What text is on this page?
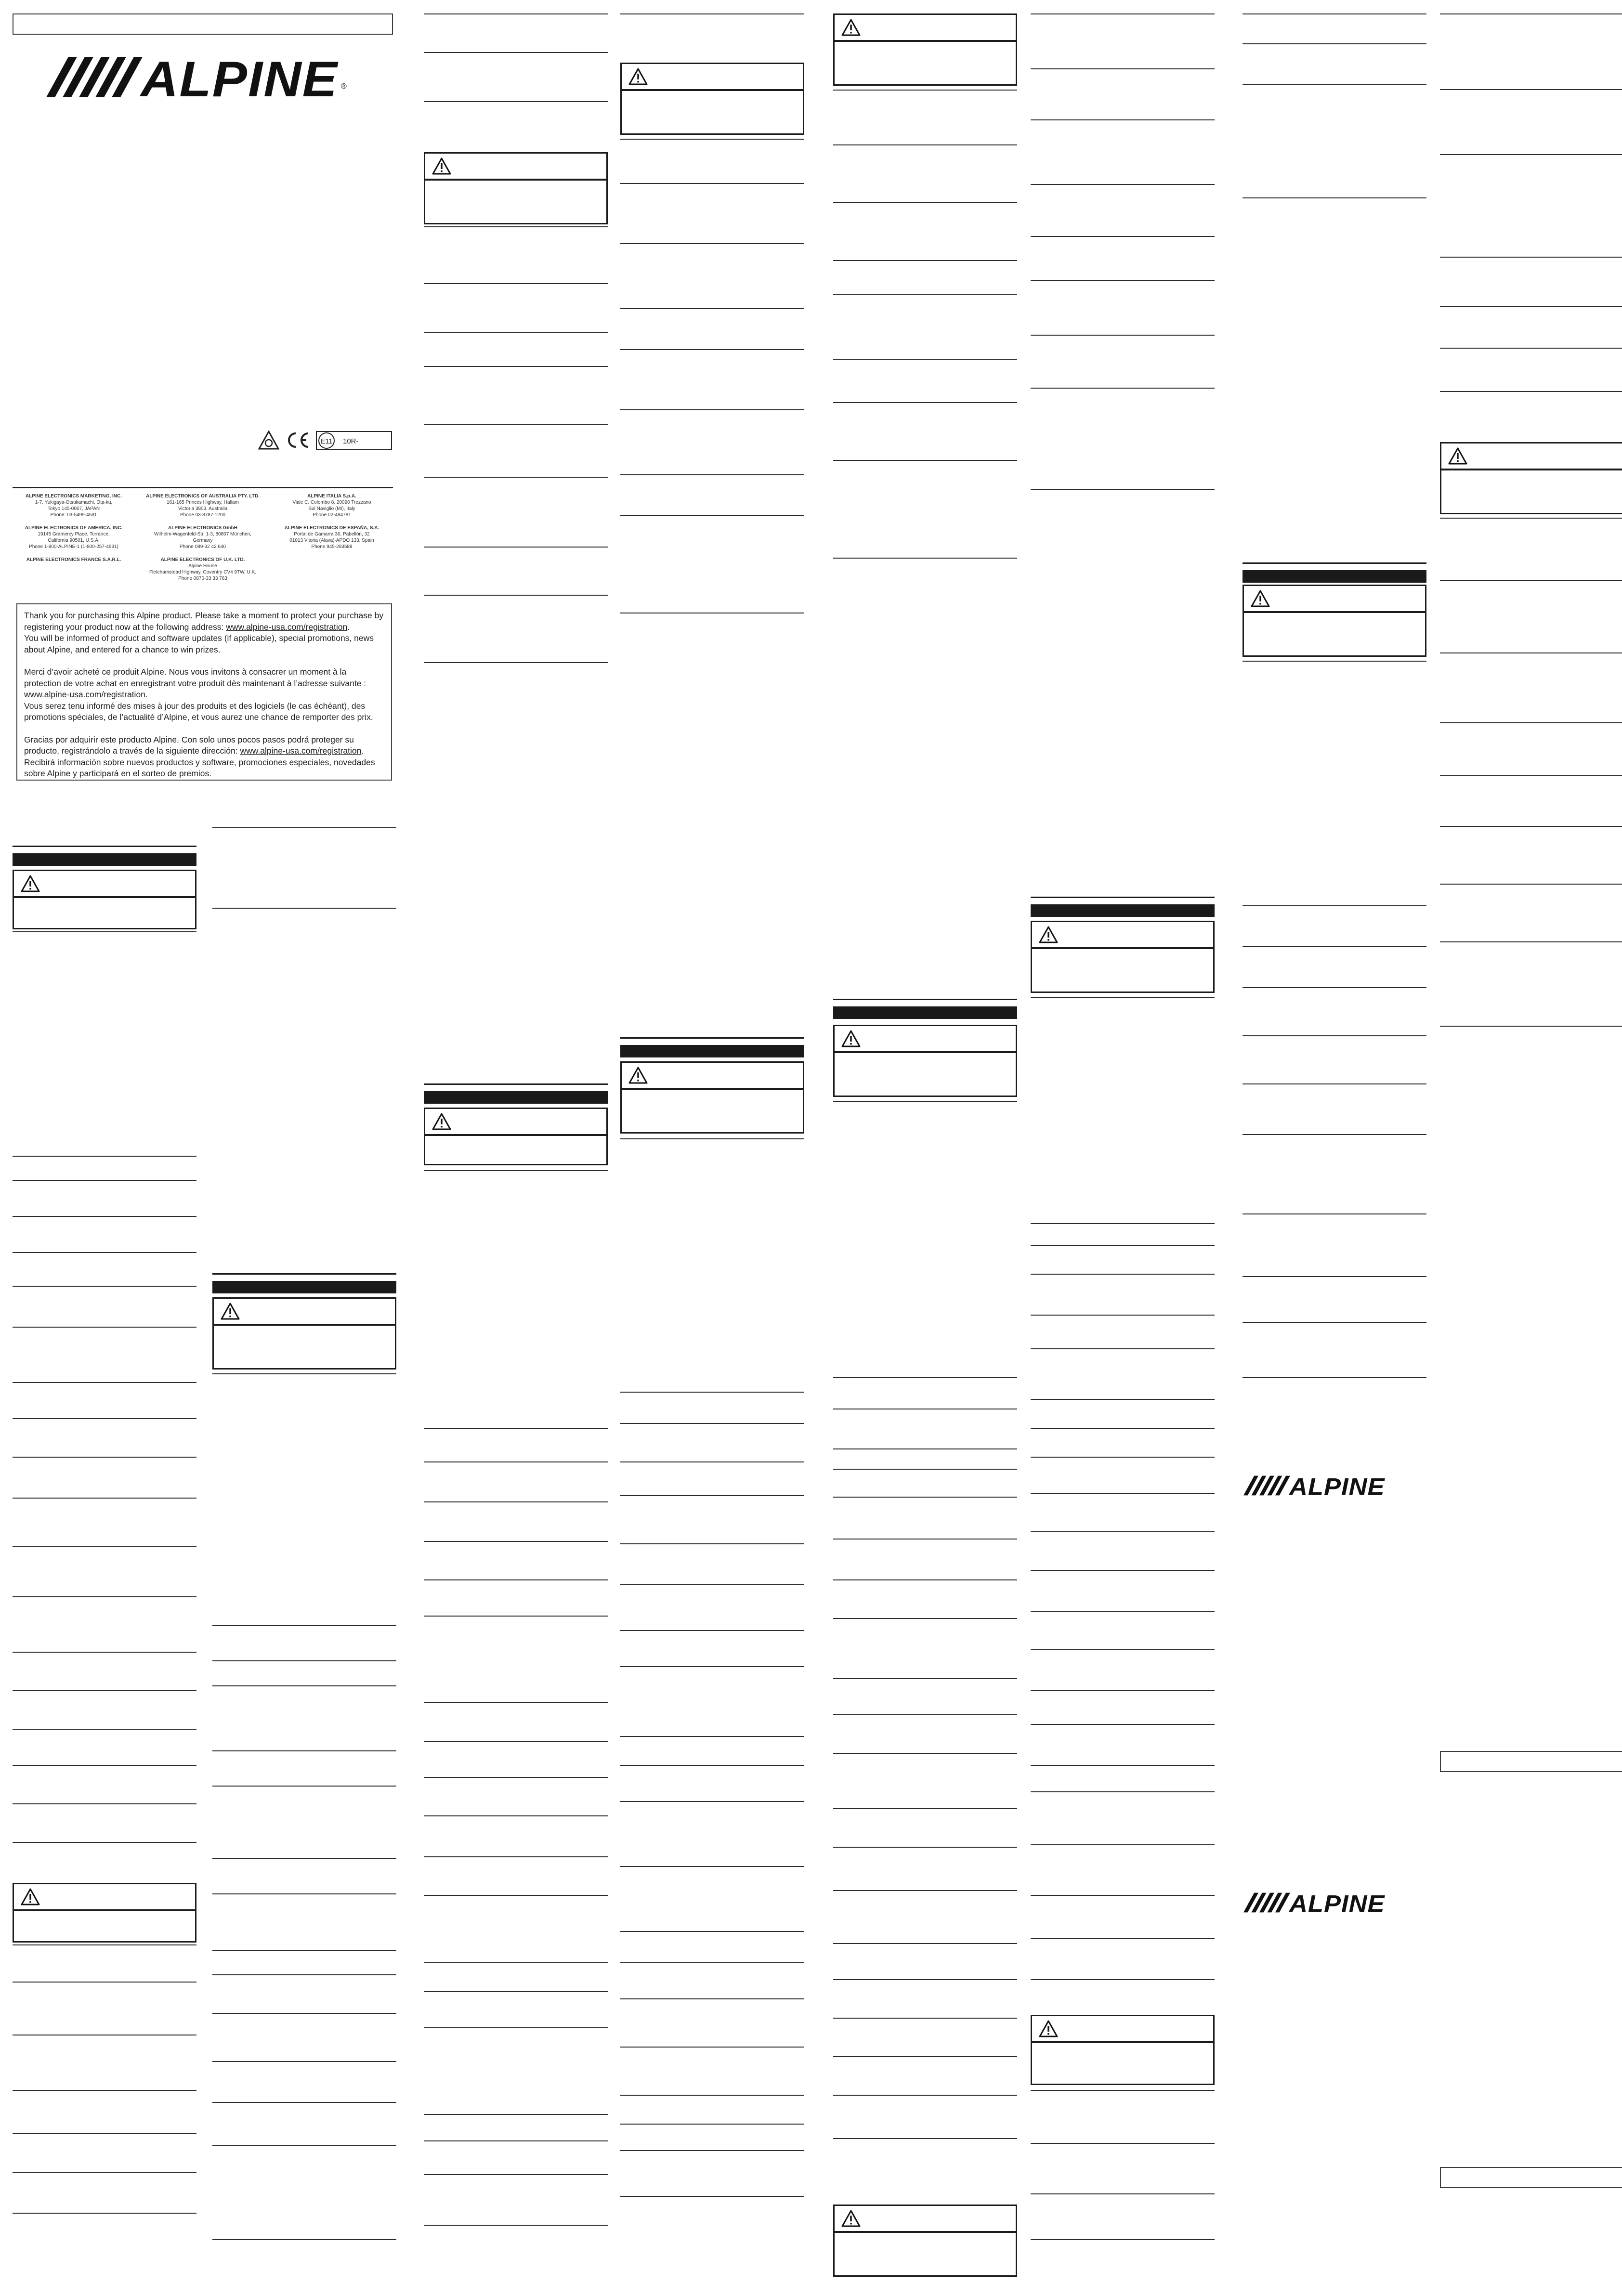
ALPINE ®
E11 10R-
ALPINE ELECTRONICS MARKETING, INC.
1-7, Yukigaya-Otsukamachi, Ota-ku,
Tokyo 145-0067, JAPAN
Phone: 03-5499-4531
ALPINE ELECTRONICS OF AUSTRALIA PTY. LTD.
161-165 Princes Highway, Hallam
Victoria 3803, Australia
Phone 03-8787-1200
ALPINE ITALIA S.p.A.
Viale C. Colombo 8, 20090 Trezzano
Sul Naviglio (MI), Italy
Phone 02-484781
ALPINE ELECTRONICS OF AMERICA, INC.
19145 Gramercy Place, Torrance,
California 90501, U.S.A.
Phone 1-800-ALPINE-1 (1-800-257-4631)
ALPINE ELECTRONICS GmbH
Wilhelm-Wagenfeld-Str. 1-3, 80807 München,
Germany
Phone 089-32 42 640
ALPINE ELECTRONICS DE ESPAÑA, S.A.
Portal de Gamarra 36, Pabellón, 32
01013 Vitoria (Alava)-APDO 133, Spain
Phone 945-283588
ALPINE ELECTRONICS FRANCE S.A.R.L.	ALPINE ELECTRONICS OF U.K. LTD.
Alpine House
Fletchamstead Highway, Coventry CV4 9TW, U.K.
Phone 0870-33 33 763

Thank you for purchasing this Alpine product. Please take a moment to protect your purchase by registering your product now at the following address: www.alpine-usa.com/registration.
You will be informed of product and software updates (if applicable), special promotions, news about Alpine, and entered for a chance to win prizes.

Merci d’avoir acheté ce produit Alpine. Nous vous invitons à consacrer un moment à la protection de votre achat en enregistrant votre produit dès maintenant à l’adresse suivante :
www.alpine-usa.com/registration.
Vous serez tenu informé des mises à jour des produits et des logiciels (le cas échéant), des promotions spéciales, de l’actualité d’Alpine, et vous aurez une chance de remporter des prix.

Gracias por adquirir este producto Alpine. Con solo unos pocos pasos podrá proteger su producto, registrándolo a través de la siguiente dirección: www.alpine-usa.com/registration.
Recibirá información sobre nuevos productos y software, promociones especiales, novedades sobre Alpine y participará en el sorteo de premios.

ALPINE
ALPINE
